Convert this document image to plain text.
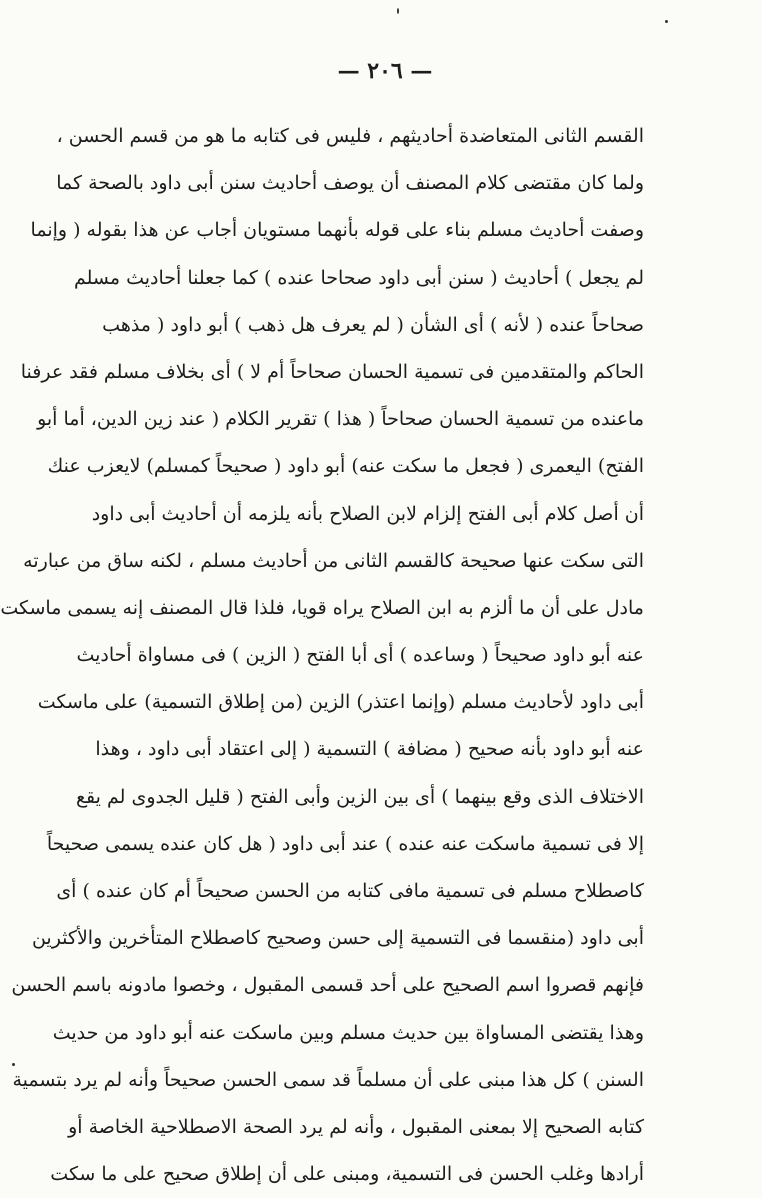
— ٢٠٦ —
القسم الثانى المتعاضدة أحاديثهم ، فليس فى كتابه ما هو من قسم الحسن ،
ولما كان مقتضى كلام المصنف أن يوصف أحاديث سنن أبى داود بالصحة كما
وصفت أحاديث مسلم بناء على قوله بأنهما مستويان أجاب عن هذا بقوله ( وإنما
لم يجعل ) أحاديث ( سنن أبى داود صحاحا عنده ) كما جعلنا أحاديث مسلم
صحاحاً عنده ( لأنه ) أى الشأن ( لم يعرف هل ذهب ) أبو داود ( مذهب
الحاكم والمتقدمين فى تسمية الحسان صحاحاً أم لا ) أى بخلاف مسلم فقد عرفنا
ماعنده من تسمية الحسان صحاحاً ( هذا ) تقرير الكلام ( عند زين الدين، أما أبو
الفتح) اليعمرى ( فجعل ما سكت عنه) أبو داود ( صحيحاً كمسلم) لايعزب عنك
أن أصل كلام أبى الفتح إلزام لابن الصلاح بأنه يلزمه أن أحاديث أبى داود
التى سكت عنها صحيحة كالقسم الثانى من أحاديث مسلم ، لكنه ساق من عبارته
مادل على أن ما ألزم به ابن الصلاح يراه قويا، فلذا قال المصنف إنه يسمى ماسكت
عنه أبو داود صحيحاً ( وساعده ) أى أبا الفتح ( الزين ) فى مساواة أحاديث
أبى داود لأحاديث مسلم (وإنما اعتذر) الزين (من إطلاق التسمية) على ماسكت
عنه أبو داود بأنه صحيح ( مضافة ) التسمية ( إلى اعتقاد أبى داود ، وهذا
الاختلاف الذى وقع بينهما ) أى بين الزين وأبى الفتح ( قليل الجدوى لم يقع
إلا فى تسمية ماسكت عنه عنده ) عند أبى داود ( هل كان عنده يسمى صحيحاً
كاصطلاح مسلم فى تسمية مافى كتابه من الحسن صحيحاً أم كان عنده ) أى
أبى داود (منقسما فى التسمية إلى حسن وصحيح كاصطلاح المتأخرين والأكثرين
فإنهم قصروا اسم الصحيح على أحد قسمى المقبول ، وخصوا مادونه باسم الحسن
وهذا يقتضى المساواة بين حديث مسلم وبين ماسكت عنه أبو داود من حديث
السنن ) كل هذا مبنى على أن مسلماً قد سمى الحسن صحيحاً وأنه لم يرد بتسمية
كتابه الصحيح إلا بمعنى المقبول ، وأنه لم يرد الصحة الاصطلاحية الخاصة أو
أرادها وغلب الحسن فى التسمية، ومبنى على أن إطلاق صحيح على ما سكت
